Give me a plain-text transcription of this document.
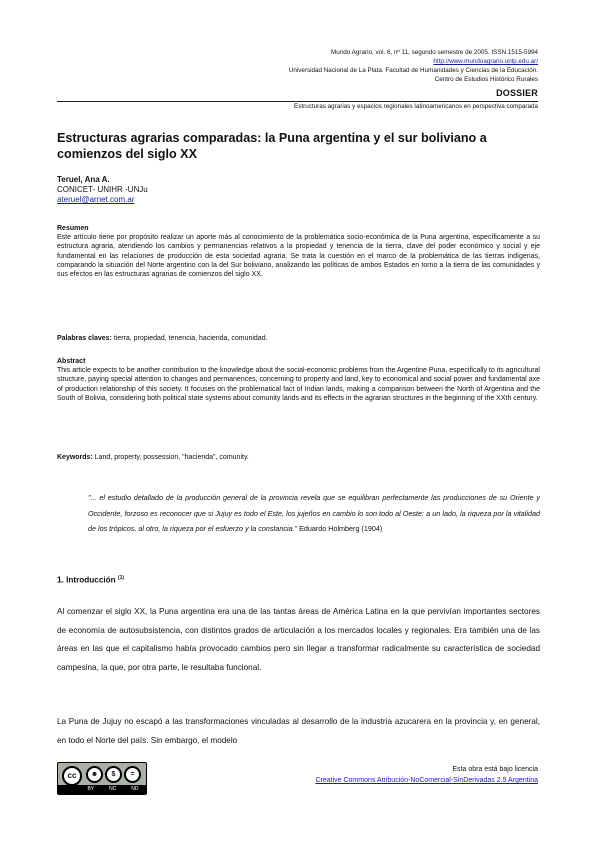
Mundo Agrario, vol. 6, nº 11, segundo semestre de 2005. ISSN 1515-5994
http://www.mundoagrario.unlp.edu.ar/
Universidad Nacional de La Plata. Facultad de Humanidades y Ciencias de la Educación.
Centro de Estudios Histórico Rurales
DOSSIER
Estructuras agrarias y espacios regionales latinoamericanos en perspectiva comparada
Estructuras agrarias comparadas: la Puna argentina y el sur boliviano a comienzos del siglo XX
Teruel, Ana A.
CONICET- UNIHR -UNJu
ateruel@arnet.com.ar
Resumen
Este artículo tiene por propósito realizar un aporte más al conocimiento de la problemática socio-económica de la Puna argentina, específicamente a su estructura agraria, atendiendo los cambios y permanencias relativos a la propiedad y tenencia de la tierra, clave del poder económico y social y eje fundamental en las relaciones de producción de esta sociedad agraria. Se trata la cuestión en el marco de la problemática de las tierras indígenas, comparando la situación del Norte argentino con la del Sur boliviano, analizando las políticas de ambos Estados en torno a la tierra de las comunidades y sus efectos en las estructuras agrarias de comienzos del siglo XX.
Palabras claves: tierra, propiedad, tenencia, hacienda, comunidad.
Abstract
This article expects to be another contribution to the knowledge about the social-economic problems from the Argentine Puna, especifically to its agricultural structure, paying special attention to changes and permanences, concerning to property and land, key to economical and social power and fundamental axe of production relationship of this society. It focuses on the problematical fact of Indian lands, making a comparison between the North of Argentina and the South of Bolivia, considering both political state systems about comunity lands and its effects in the agrarian structures in the beginning of the XXth century.
Keywords: Land, property, possession, "hacienda", comunity.
"... el estudio detallado de la producción general de la provincia revela que se equilibran perfectamente las producciones de su Oriente y Occidente, forzoso es reconocer que si Jujuy es todo el Este, los jujeños en cambio lo son todo al Oeste: a un lado, la riqueza por la vitalidad de los trópicos, al otro, la riqueza por el esfuerzo y la constancia." Eduardo Holmberg (1904)
1. Introducción $^{(1)}$
Al comenzar el siglo XX, la Puna argentina era una de las tantas áreas de América Latina en la que pervivían importantes sectores de economía de autosubsistencia, con distintos grados de articulación a los mercados locales y regionales. Era también una de las áreas en las que el capitalismo había provocado cambios pero sin llegar a transformar radicalmente su característica de sociedad campesina, la que, por otra parte, le resultaba funcional.
La Puna de Jujuy no escapó a las transformaciones vinculadas al desarrollo de la industria azucarera en la provincia y, en general, en todo el Norte del país. Sin embargo, el modelo
cc	☻	$	=
BY	NC	ND
Esta obra está bajo licencia
Creative Commons Atribución-NoComercial-SinDerivadas 2.5 Argentina
